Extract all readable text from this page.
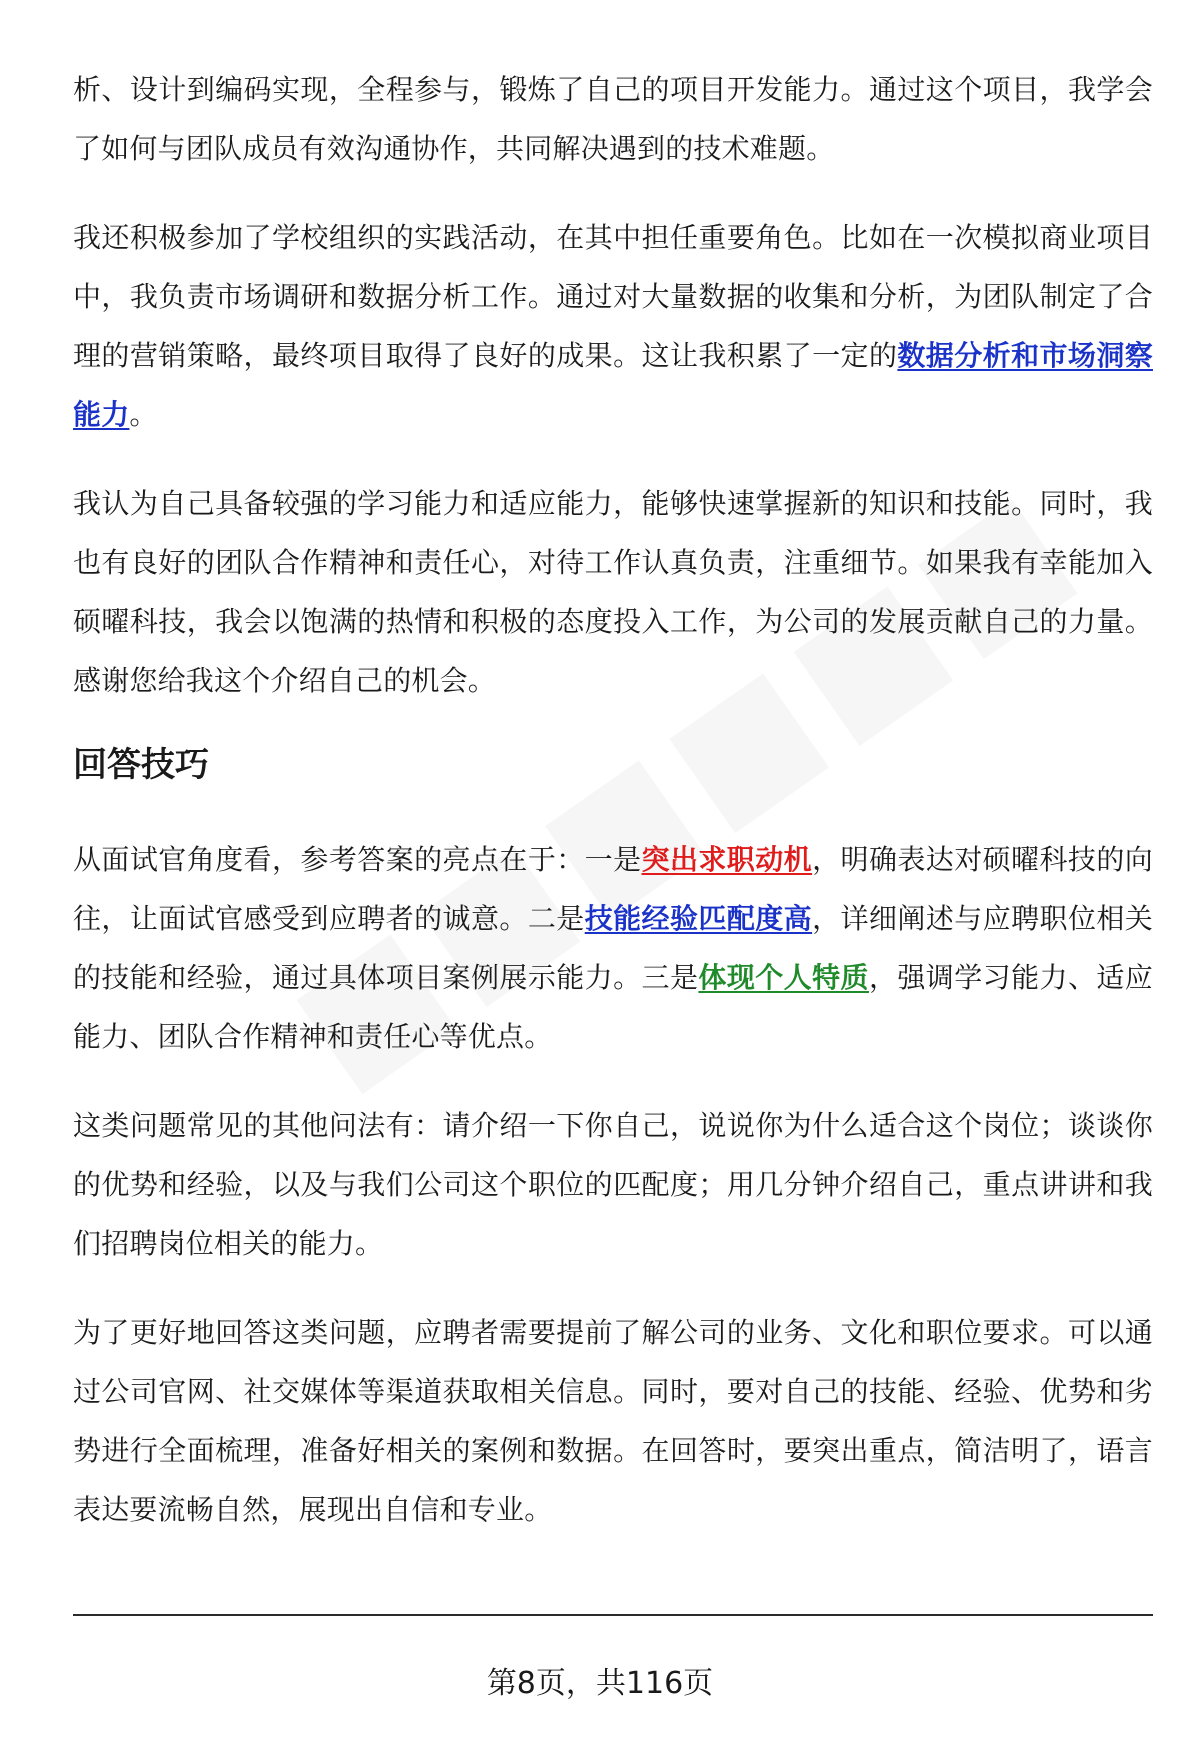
析、设计到编码实现，全程参与，锻炼了自己的项目开发能力。通过这个项目，我学会了如何与团队成员有效沟通协作，共同解决遇到的技术难题。

我还积极参加了学校组织的实践活动，在其中担任重要角色。比如在一次模拟商业项目中，我负责市场调研和数据分析工作。通过对大量数据的收集和分析，为团队制定了合理的营销策略，最终项目取得了良好的成果。这让我积累了一定的数据分析和市场洞察能力。

我认为自己具备较强的学习能力和适应能力，能够快速掌握新的知识和技能。同时，我也有良好的团队合作精神和责任心，对待工作认真负责，注重细节。如果我有幸能加入硕曜科技，我会以饱满的热情和积极的态度投入工作，为公司的发展贡献自己的力量。感谢您给我这个介绍自己的机会。

回答技巧

从面试官角度看，参考答案的亮点在于：一是突出求职动机，明确表达对硕曜科技的向往，让面试官感受到应聘者的诚意。二是技能经验匹配度高，详细阐述与应聘职位相关的技能和经验，通过具体项目案例展示能力。三是体现个人特质，强调学习能力、适应能力、团队合作精神和责任心等优点。

这类问题常见的其他问法有：请介绍一下你自己，说说你为什么适合这个岗位；谈谈你的优势和经验，以及与我们公司这个职位的匹配度；用几分钟介绍自己，重点讲讲和我们招聘岗位相关的能力。

为了更好地回答这类问题，应聘者需要提前了解公司的业务、文化和职位要求。可以通过公司官网、社交媒体等渠道获取相关信息。同时，要对自己的技能、经验、优势和劣势进行全面梳理，准备好相关的案例和数据。在回答时，要突出重点，简洁明了，语言表达要流畅自然，展现出自信和专业。

第8页，共116页
